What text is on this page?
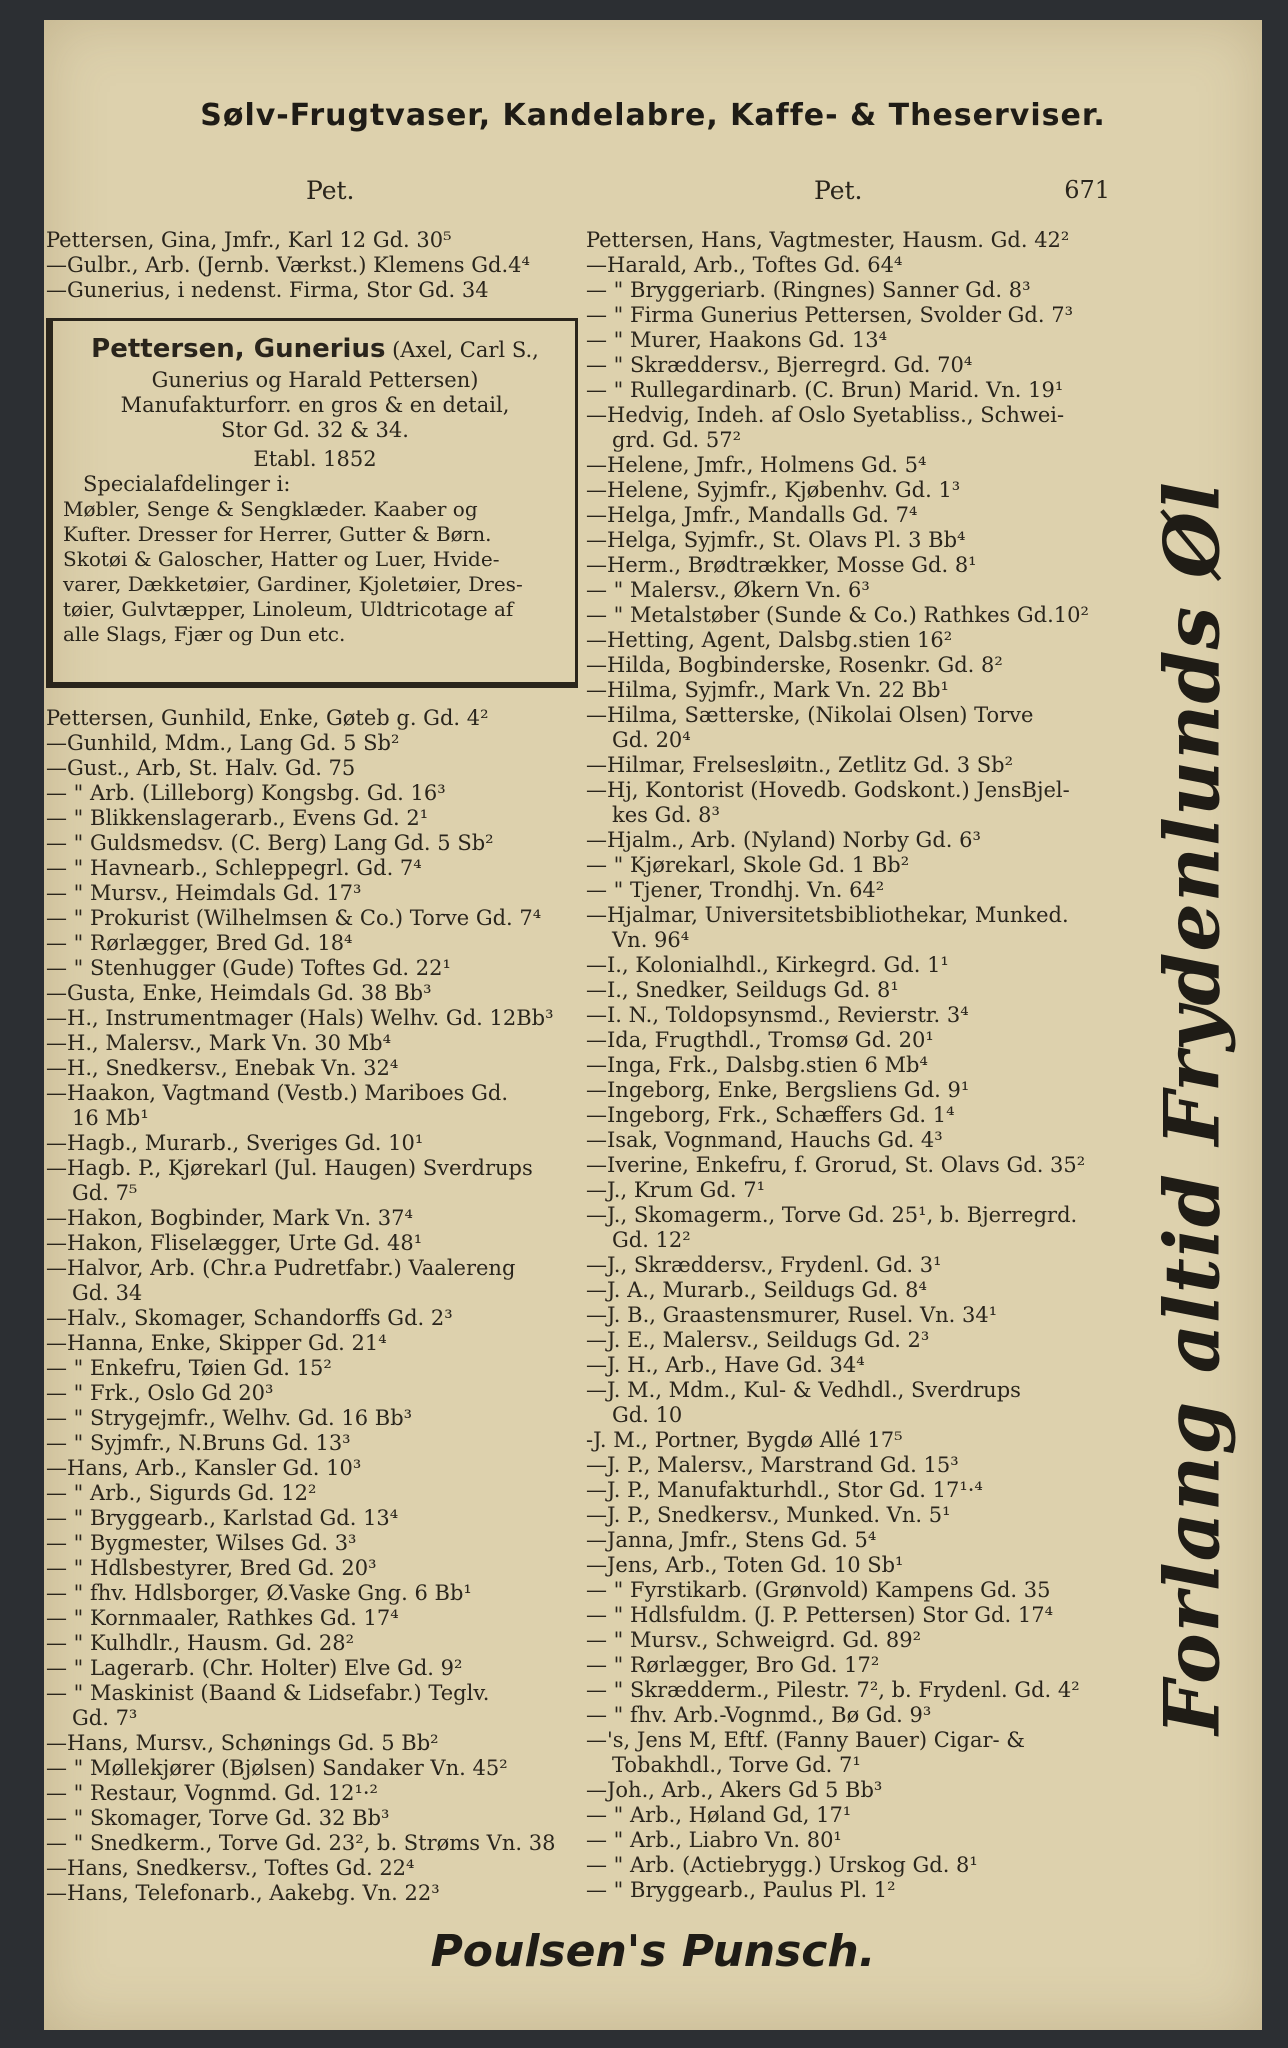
Sølv-Frugtvaser, Kandelabre, Kaffe- & Theserviser.
Pet.	Pet.	671
Pettersen, Gina, Jmfr., Karl 12 Gd. 30⁵
—Gulbr., Arb. (Jernb. Værkst.) Klemens Gd.4⁴
—Gunerius, i nedenst. Firma, Stor Gd. 34
Pettersen, Gunerius (Axel, Carl S.,
Gunerius og Harald Pettersen)
Manufakturforr. en gros & en detail,
Stor Gd. 32 & 34.
Etabl. 1852
Specialafdelinger i:
Møbler, Senge & Sengklæder. Kaaber og
Kufter. Dresser for Herrer, Gutter & Børn.
Skotøi & Galoscher, Hatter og Luer, Hvide-
varer, Dækketøier, Gardiner, Kjoletøier, Dres-
tøier, Gulvtæpper, Linoleum, Uldtricotage af
alle Slags, Fjær og Dun etc.
Pettersen, Gunhild, Enke, Gøteb g. Gd. 4²
—Gunhild, Mdm., Lang Gd. 5 Sb²
—Gust., Arb, St. Halv. Gd. 75
— " Arb. (Lilleborg) Kongsbg. Gd. 16³
— " Blikkenslagerarb., Evens Gd. 2¹
— " Guldsmedsv. (C. Berg) Lang Gd. 5 Sb²
— " Havnearb., Schleppegrl. Gd. 7⁴
— " Mursv., Heimdals Gd. 17³
— " Prokurist (Wilhelmsen & Co.) Torve Gd. 7⁴
— " Rørlægger, Bred Gd. 18⁴
— " Stenhugger (Gude) Toftes Gd. 22¹
—Gusta, Enke, Heimdals Gd. 38 Bb³
—H., Instrumentmager (Hals) Welhv. Gd. 12Bb³
—H., Malersv., Mark Vn. 30 Mb⁴
—H., Snedkersv., Enebak Vn. 32⁴
—Haakon, Vagtmand (Vestb.) Mariboes Gd.
16 Mb¹
—Hagb., Murarb., Sveriges Gd. 10¹
—Hagb. P., Kjørekarl (Jul. Haugen) Sverdrups
Gd. 7⁵
—Hakon, Bogbinder, Mark Vn. 37⁴
—Hakon, Fliselægger, Urte Gd. 48¹
—Halvor, Arb. (Chr.a Pudretfabr.) Vaalereng
Gd. 34
—Halv., Skomager, Schandorffs Gd. 2³
—Hanna, Enke, Skipper Gd. 21⁴
— " Enkefru, Tøien Gd. 15²
— " Frk., Oslo Gd 20³
— " Strygejmfr., Welhv. Gd. 16 Bb³
— " Syjmfr., N.Bruns Gd. 13³
—Hans, Arb., Kansler Gd. 10³
— " Arb., Sigurds Gd. 12²
— " Bryggearb., Karlstad Gd. 13⁴
— " Bygmester, Wilses Gd. 3³
— " Hdlsbestyrer, Bred Gd. 20³
— " fhv. Hdlsborger, Ø.Vaske Gng. 6 Bb¹
— " Kornmaaler, Rathkes Gd. 17⁴
— " Kulhdlr., Hausm. Gd. 28²
— " Lagerarb. (Chr. Holter) Elve Gd. 9²
— " Maskinist (Baand & Lidsefabr.) Teglv.
Gd. 7³
—Hans, Mursv., Schønings Gd. 5 Bb²
— " Møllekjører (Bjølsen) Sandaker Vn. 45²
— " Restaur, Vognmd. Gd. 12¹·²
— " Skomager, Torve Gd. 32 Bb³
— " Snedkerm., Torve Gd. 23², b. Strøms Vn. 38
—Hans, Snedkersv., Toftes Gd. 22⁴
—Hans, Telefonarb., Aakebg. Vn. 22³
Pettersen, Hans, Vagtmester, Hausm. Gd. 42²
—Harald, Arb., Toftes Gd. 64⁴
— " Bryggeriarb. (Ringnes) Sanner Gd. 8³
— " Firma Gunerius Pettersen, Svolder Gd. 7³
— " Murer, Haakons Gd. 13⁴
— " Skræddersv., Bjerregrd. Gd. 70⁴
— " Rullegardinarb. (C. Brun) Marid. Vn. 19¹
—Hedvig, Indeh. af Oslo Syetabliss., Schwei-
grd. Gd. 57²
—Helene, Jmfr., Holmens Gd. 5⁴
—Helene, Syjmfr., Kjøbenhv. Gd. 1³
—Helga, Jmfr., Mandalls Gd. 7⁴
—Helga, Syjmfr., St. Olavs Pl. 3 Bb⁴
—Herm., Brødtrækker, Mosse Gd. 8¹
— " Malersv., Økern Vn. 6³
— " Metalstøber (Sunde & Co.) Rathkes Gd.10²
—Hetting, Agent, Dalsbg.stien 16²
—Hilda, Bogbinderske, Rosenkr. Gd. 8²
—Hilma, Syjmfr., Mark Vn. 22 Bb¹
—Hilma, Sætterske, (Nikolai Olsen) Torve
Gd. 20⁴
—Hilmar, Frelsesløitn., Zetlitz Gd. 3 Sb²
—Hj, Kontorist (Hovedb. Godskont.) JensBjel-
kes Gd. 8³
—Hjalm., Arb. (Nyland) Norby Gd. 6³
— " Kjørekarl, Skole Gd. 1 Bb²
— " Tjener, Trondhj. Vn. 64²
—Hjalmar, Universitetsbibliothekar, Munked.
Vn. 96⁴
—I., Kolonialhdl., Kirkegrd. Gd. 1¹
—I., Snedker, Seildugs Gd. 8¹
—I. N., Toldopsynsmd., Revierstr. 3⁴
—Ida, Frugthdl., Tromsø Gd. 20¹
—Inga, Frk., Dalsbg.stien 6 Mb⁴
—Ingeborg, Enke, Bergsliens Gd. 9¹
—Ingeborg, Frk., Schæffers Gd. 1⁴
—Isak, Vognmand, Hauchs Gd. 4³
—Iverine, Enkefru, f. Grorud, St. Olavs Gd. 35²
—J., Krum Gd. 7¹
—J., Skomagerm., Torve Gd. 25¹, b. Bjerregrd.
Gd. 12²
—J., Skræddersv., Frydenl. Gd. 3¹
—J. A., Murarb., Seildugs Gd. 8⁴
—J. B., Graastensmurer, Rusel. Vn. 34¹
—J. E., Malersv., Seildugs Gd. 2³
—J. H., Arb., Have Gd. 34⁴
—J. M., Mdm., Kul- & Vedhdl., Sverdrups
Gd. 10
-J. M., Portner, Bygdø Allé 17⁵
—J. P., Malersv., Marstrand Gd. 15³
—J. P., Manufakturhdl., Stor Gd. 17¹·⁴
—J. P., Snedkersv., Munked. Vn. 5¹
—Janna, Jmfr., Stens Gd. 5⁴
—Jens, Arb., Toten Gd. 10 Sb¹
— " Fyrstikarb. (Grønvold) Kampens Gd. 35
— " Hdlsfuldm. (J. P. Pettersen) Stor Gd. 17⁴
— " Mursv., Schweigrd. Gd. 89²
— " Rørlægger, Bro Gd. 17²
— " Skrædderm., Pilestr. 7², b. Frydenl. Gd. 4²
— " fhv. Arb.-Vognmd., Bø Gd. 9³
—'s, Jens M, Eftf. (Fanny Bauer) Cigar- &
Tobakhdl., Torve Gd. 7¹
—Joh., Arb., Akers Gd 5 Bb³
— " Arb., Høland Gd, 17¹
— " Arb., Liabro Vn. 80¹
— " Arb. (Actiebrygg.) Urskog Gd. 8¹
— " Bryggearb., Paulus Pl. 1²
Forlang altid Frydenlunds Øl
Poulsen's Punsch.
